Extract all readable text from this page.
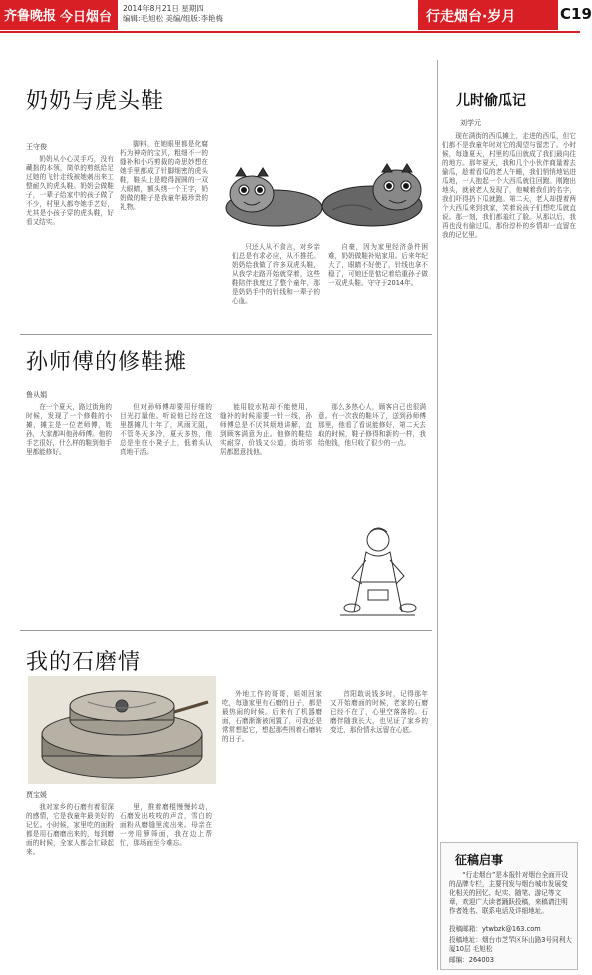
齐鲁晚报 今日烟台
2014年8月21日 星期四
编辑:毛旭松 美编/组版:李艳梅	行走烟台·岁月	C19
奶奶与虎头鞋
王守俊

奶奶从小心灵手巧，没有藏拙的本领，简单的剪纸给足过她的飞针走线被她刺出来工整耐久的虎头鞋。奶奶会做鞋子，一辈子给家中的孩子做了不少，村里人都夸她手艺好，尤其是小孩子穿的虎头鞋，好看又结实。

脚料，在她眼里都是化腐朽为神奇的宝贝，粗细不一的缝补和小巧剪裁的奇思妙想在她手里都成了针脚细密的虎头鞋，鞋头上是瞪得溜圆的一双大眼睛，额头绣一个王字，奶奶做的鞋子是我童年最珍贵的礼物。

只还人从不食言，对乡亲们总是有求必应，从不推托。奶奶给我做了许多双虎头鞋，从我学走路开始就穿着，这些鞋陪伴我度过了整个童年，那是奶奶手中的针线和一辈子的心血。

自豪，因为家里经济条件困难，奶奶做鞋补贴家用。后来年纪大了，眼睛不好使了，针线也拿不稳了，可她还是惦记着给重孙子做一双虎头鞋。守守于2014年。

孙师傅的修鞋摊
鲁从娟

在一个夏天，路过街角的时候，发现了一个修鞋的小摊，摊主是一位老师傅，姓孙，大家都叫他孙师傅。他的手艺很好，什么样的鞋到他手里都能修好。

但对孙师傅却要用仔细的目光打量他。听说他已经在这里摆摊几十年了，风雨无阻，不管冬天多冷，夏天多热，他总是坐在小凳子上，低着头认真地干活。

能用胶水粘却不能使用，缝补的时候需要一针一线，孙师傅总是不厌其烦地讲解，直到顾客满意为止。他修的鞋结实耐穿，价钱又公道，街坊邻居都愿意找他。

那么多热心人，顾客自己也很满意。有一次我的鞋坏了，送到孙师傅那里，他看了看说能修好，第二天去取的时候，鞋子修得和新的一样，我给他钱，他只收了很少的一点。

我的石磨情
贾宝媛

我对家乡的石磨有着很深的感情，它是我童年最美好的记忆。小时候，家里吃的面粉都是用石磨磨出来的，每到磨面的时候，全家人都会忙碌起来。

里，推着磨棍慢慢转动，石磨发出吱吱的声音，雪白的面粉从磨缝里流出来。母亲在一旁用箩筛面，我在边上帮忙，那场面至今难忘。

外地工作的哥哥，姐姐回家吃，每逢家里有石磨的日子，都是最热闹的时候。后来有了机器磨面，石磨渐渐被闲置了，可我还是常常想起它，想起那些围着石磨转的日子。

首阳敢说钱多时，记得那年又开始磨面的时候，老家的石磨已经不在了，心里空落落的。石磨伴随我长大，也见证了家乡的变迁，那份情永远留在心底。

儿时偷瓜记
刘学元

现在满街的西瓜摊上，走进的西瓜，但它们都不是我童年时对它的渴望与留恋了。小时候，每逢夏天，村里的瓜田就成了我们最向往的地方。那年夏天，我和几个小伙伴商量着去偷瓜，趁着看瓜的老人午睡，我们悄悄地钻进瓜地，一人抱起一个大西瓜就往回跑。刚跑出地头，就被老人发现了，他喊着我们的名字，我们吓得扔下瓜就跑。第二天，老人却提着两个大西瓜来到我家，笑着说孩子们想吃瓜就直说。那一刻，我们都羞红了脸。从那以后，我再也没有偷过瓜，那份淳朴的乡情却一直留在我的记忆里。

征稿启事
“行走烟台”是本报针对烟台全面开设的品牌专栏，主要刊发与烟台城市发展变化相关的回忆、纪实、随笔、游记等文章，欢迎广大读者踊跃投稿，来稿请注明作者姓名、联系电话及详细地址。
投稿邮箱：ytwbzk@163.com
投稿地址：烟台市芝罘区环山路3号同利大厦10层 毛旭松
邮编：264003
